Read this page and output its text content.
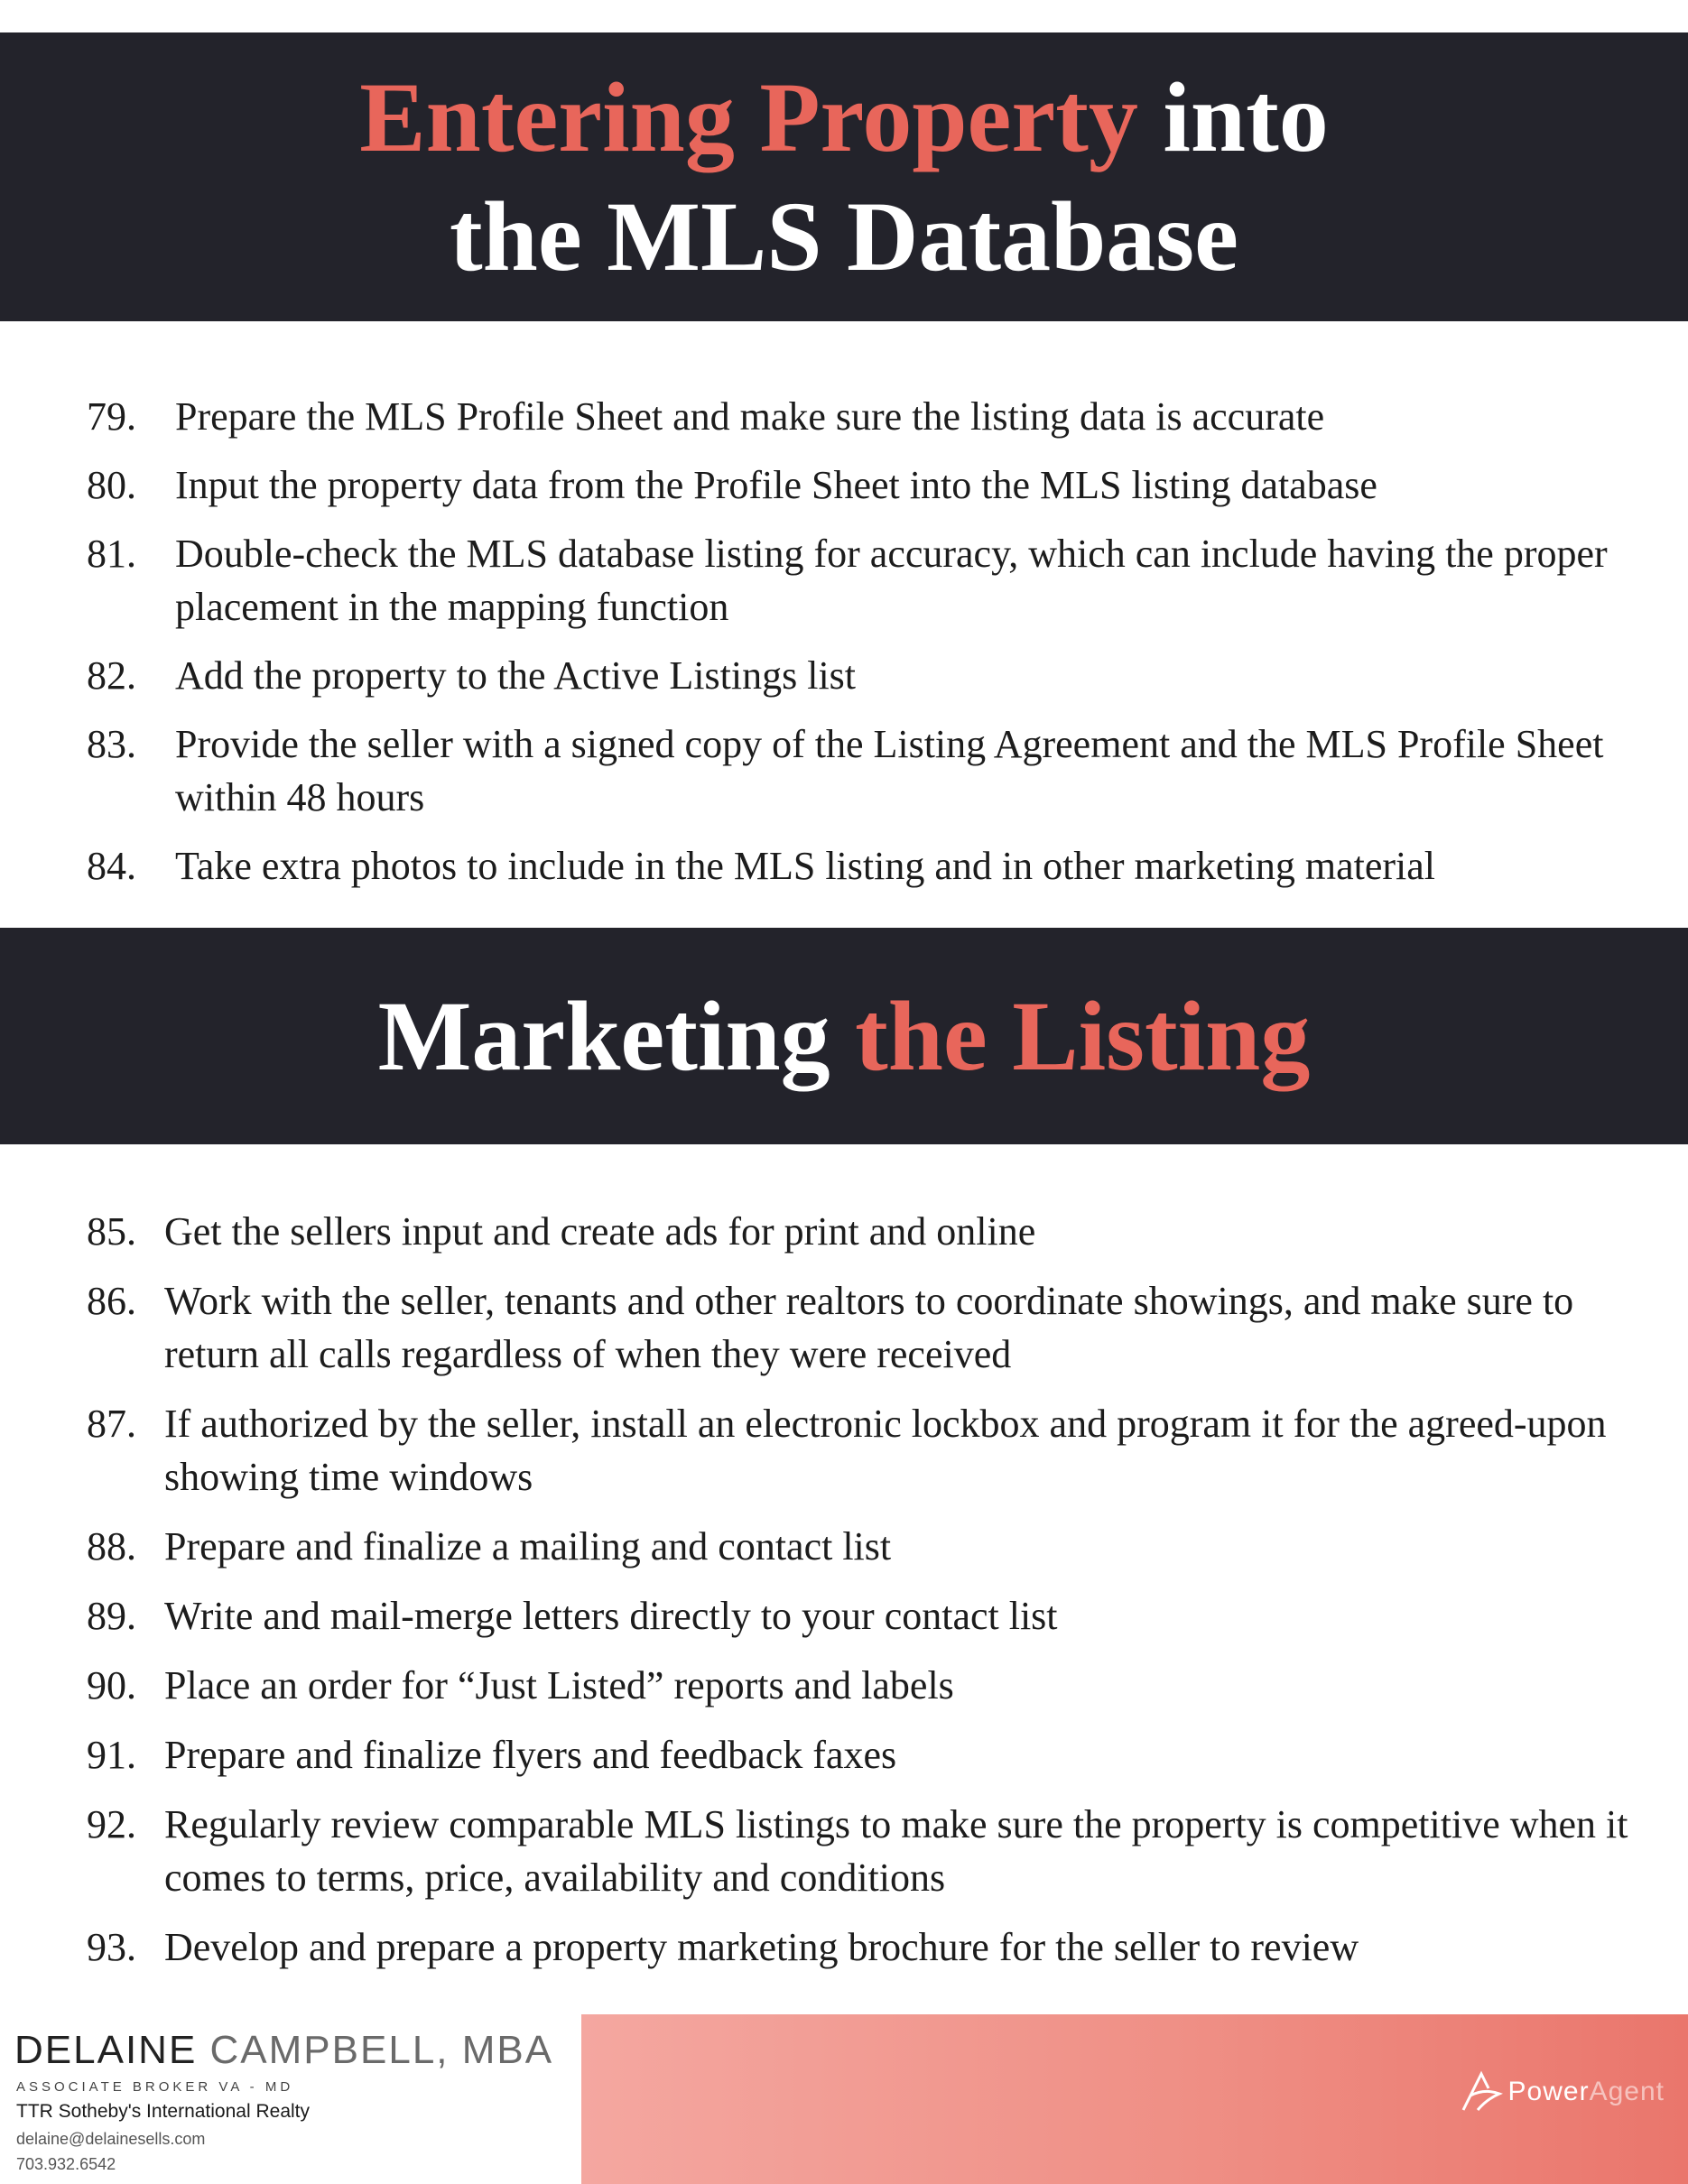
Entering Property into
the MLS Database
79. Prepare the MLS Profile Sheet and make sure the listing data is accurate
80. Input the property data from the Profile Sheet into the MLS listing database
81. Double-check the MLS database listing for accuracy, which can include having the proper placement in the mapping function
82. Add the property to the Active Listings list
83. Provide the seller with a signed copy of the Listing Agreement and the MLS Profile Sheet within 48 hours
84. Take extra photos to include in the MLS listing and in other marketing material
Marketing the Listing
85. Get the sellers input and create ads for print and online
86. Work with the seller, tenants and other realtors to coordinate showings, and make sure to return all calls regardless of when they were received
87. If authorized by the seller, install an electronic lockbox and program it for the agreed-upon showing time windows
88. Prepare and finalize a mailing and contact list
89. Write and mail-merge letters directly to your contact list
90. Place an order for “Just Listed” reports and labels
91. Prepare and finalize flyers and feedback faxes
92. Regularly review comparable MLS listings to make sure the property is competitive when it comes to terms, price, availability and conditions
93. Develop and prepare a property marketing brochure for the seller to review
DELAINE CAMPBELL, MBA
ASSOCIATE BROKER VA - MD
TTR Sotheby's International Realty
delaine@delainesells.com
703.932.6542
PowerAgent
